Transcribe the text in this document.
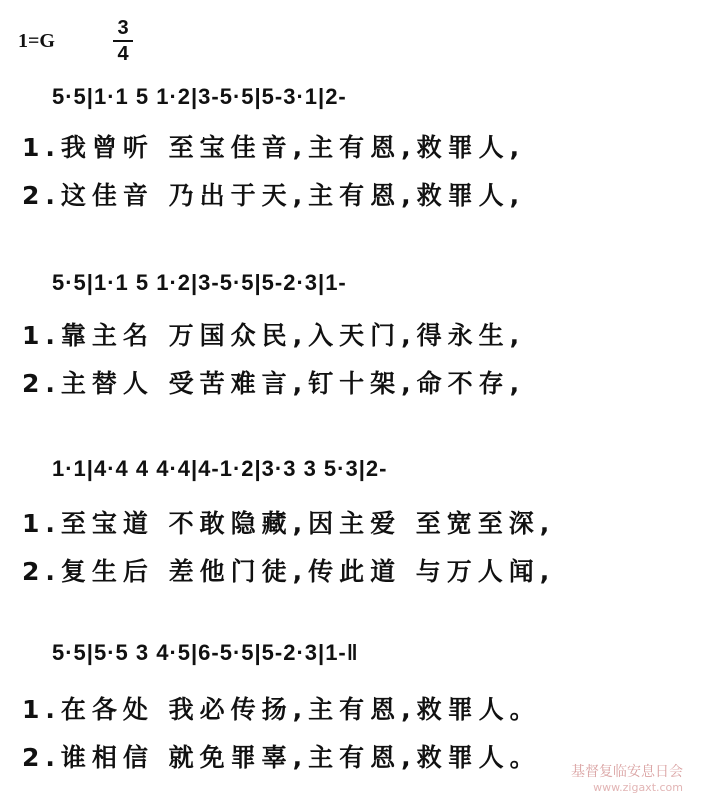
1=G
3
4
5·5|1·1 5 1·2|3-5·5|5-3·1|2-
1.我曾听 至宝佳音,主有恩,救罪人,
2.这佳音 乃出于天,主有恩,救罪人,
5·5|1·1 5 1·2|3-5·5|5-2·3|1-
1.靠主名 万国众民,入天门,得永生,
2.主替人 受苦难言,钉十架,命不存,
1·1|4·4 4 4·4|4-1·2|3·3 3 5·3|2-
1.至宝道 不敢隐藏,因主爱 至宽至深,
2.复生后 差他门徒,传此道 与万人闻,
5·5|5·5 3 4·5|6-5·5|5-2·3|1-‖
1.在各处 我必传扬,主有恩,救罪人。
2.谁相信 就免罪辜,主有恩,救罪人。 基督复临安息日会
www.zigaxt.com
